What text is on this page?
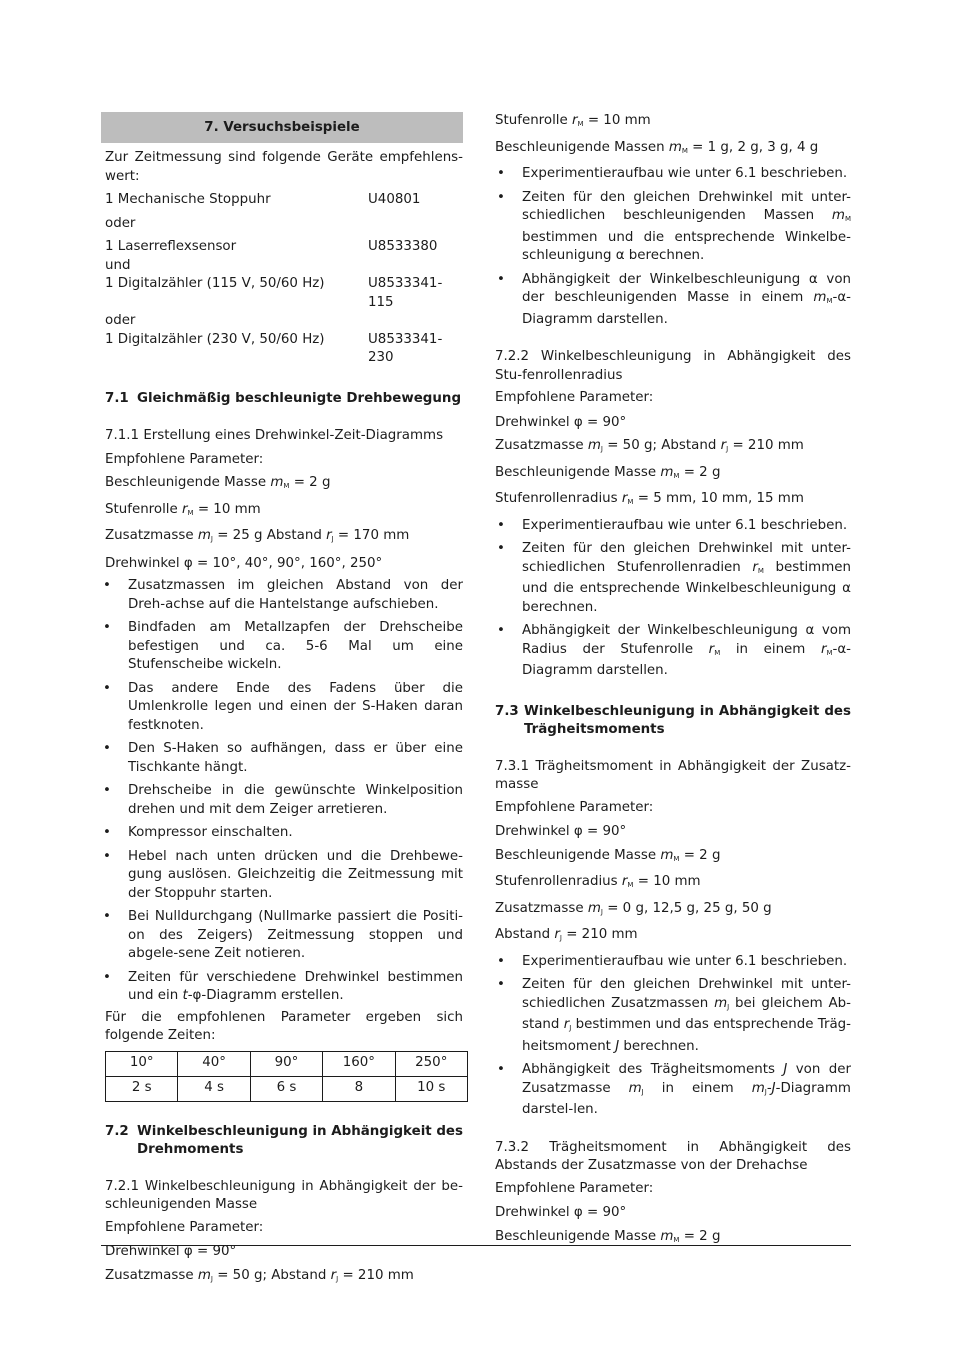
7. Versuchsbeispiele

Zur Zeitmessung sind folgende Geräte empfehlens-wert:

1 Mechanische Stoppuhr	U40801
oder
1 Laserreflexsensor	U8533380
und
1 Digitalzähler (115 V, 50/60 Hz)	U8533341-115
oder
1 Digitalzähler (230 V, 50/60 Hz)	U8533341-230
7.1 Gleichmäßig beschleunigte Drehbewegung

7.1.1 Erstellung eines Drehwinkel-Zeit-Diagramms

Empfohlene Parameter:

Beschleunigende Masse $m_M = 2$ g

Stufenrolle $r_M = 10$ mm

Zusatzmasse $m_J = 25$ g Abstand $r_J = 170$ mm

Drehwinkel φ = 10°, 40°, 90°, 160°, 250°

• Zusatzmassen im gleichen Abstand von der Dreh-achse auf die Hantelstange aufschieben.
• Bindfaden am Metallzapfen der Drehscheibe befestigen und ca. 5-6 Mal um eine Stufenscheibe wickeln.
• Das andere Ende des Fadens über die Umlenkrolle legen und einen der S-Haken daran festknoten.
• Den S-Haken so aufhängen, dass er über eine Tischkante hängt.
• Drehscheibe in die gewünschte Winkelposition drehen und mit dem Zeiger arretieren.
• Kompressor einschalten.
• Hebel nach unten drücken und die Drehbewe-gung auslösen. Gleichzeitig die Zeitmessung mit der Stoppuhr starten.
• Bei Nulldurchgang (Nullmarke passiert die Positi-on des Zeigers) Zeitmessung stoppen und abgele-sene Zeit notieren.
• Zeiten für verschiedene Drehwinkel bestimmen und ein t-φ-Diagramm erstellen.

Für die empfohlenen Parameter ergeben sich folgende Zeiten:

10°	40°	90°	160°	250°
2 s	4 s	6 s	8	10 s
7.2 Winkelbeschleunigung in Abhängigkeit des Drehmoments

7.2.1 Winkelbeschleunigung in Abhängigkeit der be-schleunigenden Masse

Empfohlene Parameter:

Drehwinkel φ = 90°

Zusatzmasse $m_J = 50$ g; Abstand $r_J = 210$ mm

Stufenrolle $r_M = 10$ mm

Beschleunigende Massen $m_M = 1$ g, 2 g, 3 g, 4 g

• Experimentieraufbau wie unter 6.1 beschrieben.
• Zeiten für den gleichen Drehwinkel mit unter-schiedlichen beschleunigenden Massen $m_M$ bestimmen und die entsprechende Winkelbe-schleunigung α berechnen.
• Abhängigkeit der Winkelbeschleunigung α von der beschleunigenden Masse in einem $m_M-\alpha$-Diagramm darstellen.

7.2.2 Winkelbeschleunigung in Abhängigkeit des Stu-fenrollenradius

Empfohlene Parameter:

Drehwinkel φ = 90°

Zusatzmasse $m_J = 50$ g; Abstand $r_J = 210$ mm

Beschleunigende Masse $m_M = 2$ g

Stufenrollenradius $r_M = 5$ mm, 10 mm, 15 mm

• Experimentieraufbau wie unter 6.1 beschrieben.
• Zeiten für den gleichen Drehwinkel mit unter-schiedlichen Stufenrollenradien $r_M$ bestimmen und die entsprechende Winkelbeschleunigung α berechnen.
• Abhängigkeit der Winkelbeschleunigung α vom Radius der Stufenrolle $r_M$ in einem $r_M-\alpha$-Diagramm darstellen.
7.3 Winkelbeschleunigung in Abhängigkeit des Trägheitsmoments

7.3.1 Trägheitsmoment in Abhängigkeit der Zusatz-masse

Empfohlene Parameter:

Drehwinkel φ = 90°

Beschleunigende Masse $m_M = 2$ g

Stufenrollenradius $r_M = 10$ mm

Zusatzmasse $m_J = 0$ g, 12,5 g, 25 g, 50 g

Abstand $r_J = 210$ mm

• Experimentieraufbau wie unter 6.1 beschrieben.
• Zeiten für den gleichen Drehwinkel mit unter-schiedlichen Zusatzmassen $m_J$ bei gleichem Ab-stand $r_J$ bestimmen und das entsprechende Träg-heitsmoment J berechnen.
• Abhängigkeit des Trägheitsmoments J von der Zusatzmasse $m_J$ in einem $m_J-J$-Diagramm darstel-len.

7.3.2 Trägheitsmoment in Abhängigkeit des Abstands der Zusatzmasse von der Drehachse

Empfohlene Parameter:

Drehwinkel φ = 90°

Beschleunigende Masse $m_M = 2$ g
